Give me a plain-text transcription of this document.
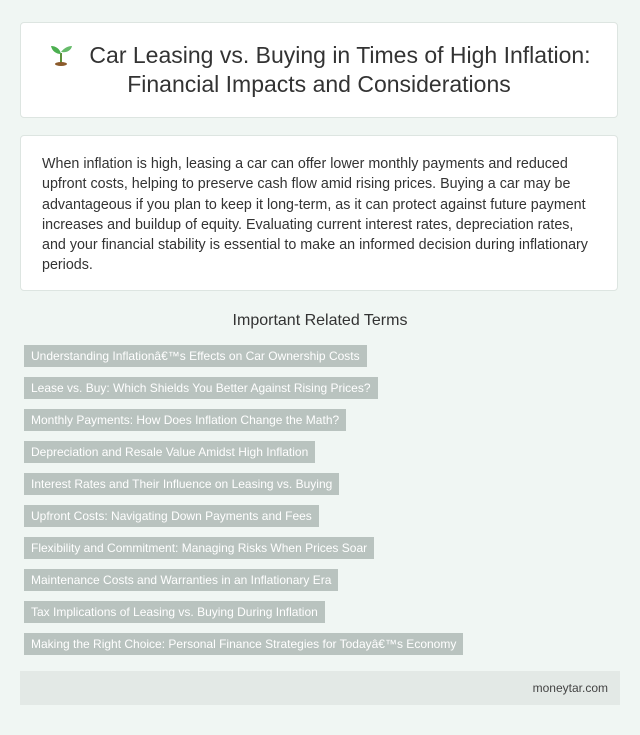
Car Leasing vs. Buying in Times of High Inflation: Financial Impacts and Considerations

When inflation is high, leasing a car can offer lower monthly payments and reduced upfront costs, helping to preserve cash flow amid rising prices. Buying a car may be advantageous if you plan to keep it long-term, as it can protect against future payment increases and buildup of equity. Evaluating current interest rates, depreciation rates, and your financial stability is essential to make an informed decision during inflationary periods.

Important Related Terms
Understanding Inflationâ€™s Effects on Car Ownership Costs
Lease vs. Buy: Which Shields You Better Against Rising Prices?
Monthly Payments: How Does Inflation Change the Math?
Depreciation and Resale Value Amidst High Inflation
Interest Rates and Their Influence on Leasing vs. Buying
Upfront Costs: Navigating Down Payments and Fees
Flexibility and Commitment: Managing Risks When Prices Soar
Maintenance Costs and Warranties in an Inflationary Era
Tax Implications of Leasing vs. Buying During Inflation
Making the Right Choice: Personal Finance Strategies for Todayâ€™s Economy
moneytar.com
